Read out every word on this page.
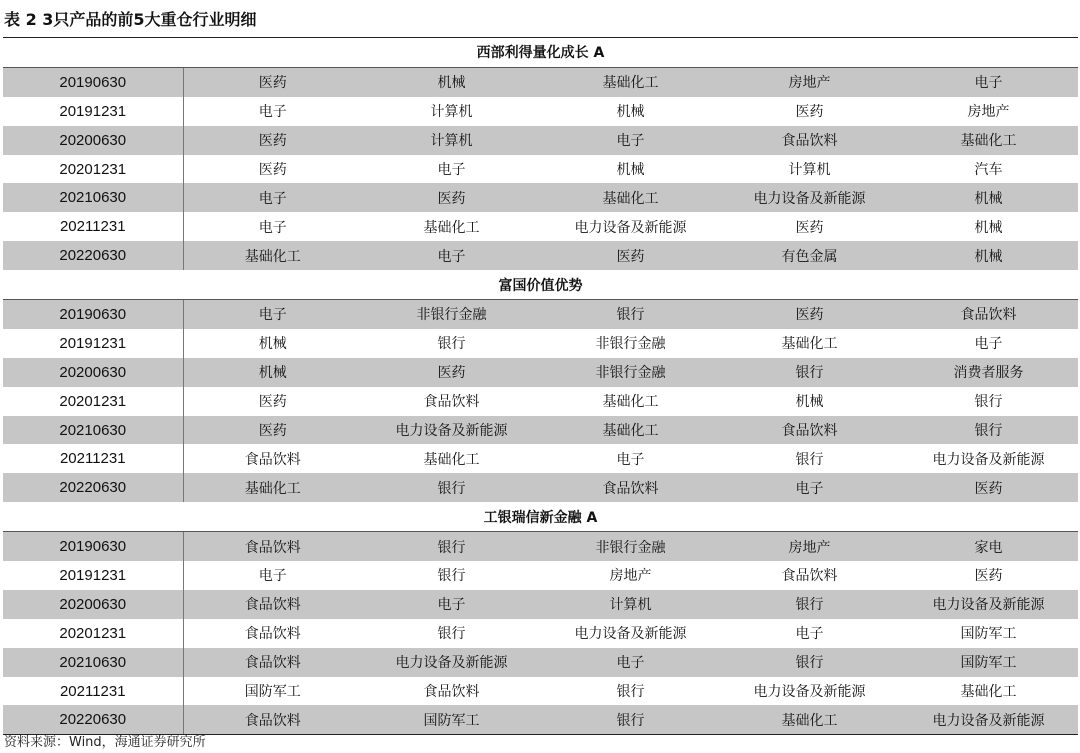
表 2 3只产品的前5大重仓行业明细
西部利得量化成长 A					
20190630	医药	机械	基础化工	房地产	电子
20191231	电子	计算机	机械	医药	房地产
20200630	医药	计算机	电子	食品饮料	基础化工
20201231	医药	电子	机械	计算机	汽车
20210630	电子	医药	基础化工	电力设备及新能源	机械
20211231	电子	基础化工	电力设备及新能源	医药	机械
20220630	基础化工	电子	医药	有色金属	机械
富国价值优势					
20190630	电子	非银行金融	银行	医药	食品饮料
20191231	机械	银行	非银行金融	基础化工	电子
20200630	机械	医药	非银行金融	银行	消费者服务
20201231	医药	食品饮料	基础化工	机械	银行
20210630	医药	电力设备及新能源	基础化工	食品饮料	银行
20211231	食品饮料	基础化工	电子	银行	电力设备及新能源
20220630	基础化工	银行	食品饮料	电子	医药
工银瑞信新金融 A					
20190630	食品饮料	银行	非银行金融	房地产	家电
20191231	电子	银行	房地产	食品饮料	医药
20200630	食品饮料	电子	计算机	银行	电力设备及新能源
20201231	食品饮料	银行	电力设备及新能源	电子	国防军工
20210630	食品饮料	电力设备及新能源	电子	银行	国防军工
20211231	国防军工	食品饮料	银行	电力设备及新能源	基础化工
20220630	食品饮料	国防军工	银行	基础化工	电力设备及新能源
资料来源：Wind，海通证券研究所
